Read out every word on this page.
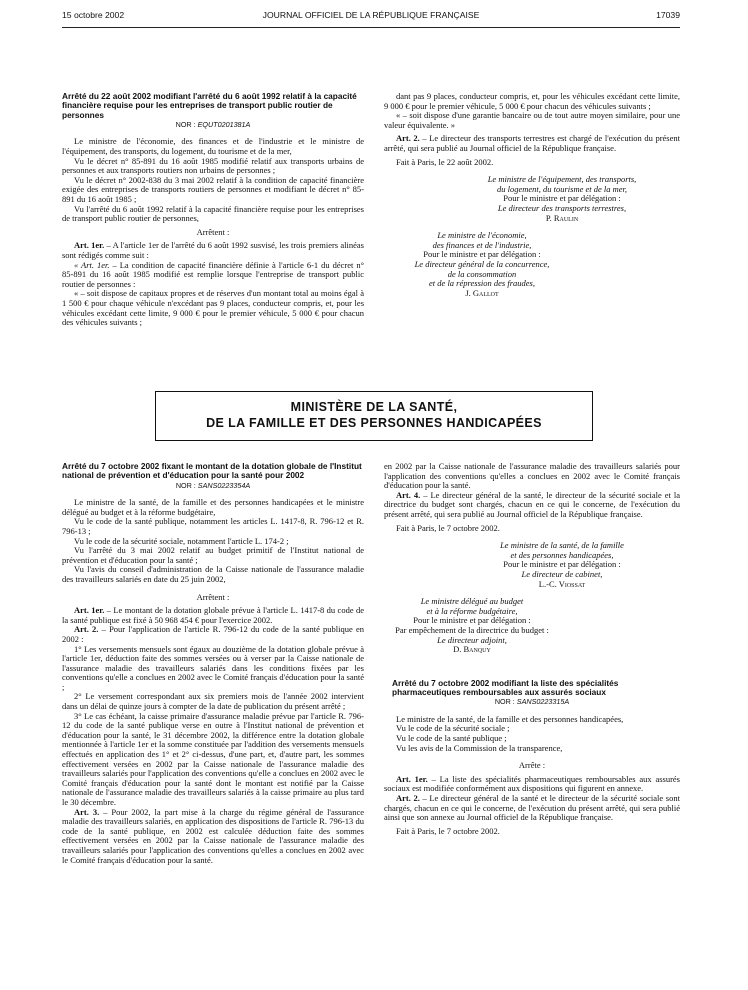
15 octobre 2002	JOURNAL OFFICIEL DE LA RÉPUBLIQUE FRANÇAISE	17039

Arrêté du 22 août 2002 modifiant l'arrêté du 6 août 1992 relatif à la capacité financière requise pour les entreprises de transport public routier de personnes

NOR : EQUT0201381A

Le ministre de l'économie, des finances et de l'industrie et le ministre de l'équipement, des transports, du logement, du tourisme et de la mer,

Vu le décret n° 85-891 du 16 août 1985 modifié relatif aux transports urbains de personnes et aux transports routiers non urbains de personnes ;

Vu le décret n° 2002-838 du 3 mai 2002 relatif à la condition de capacité financière exigée des entreprises de transports routiers de personnes et modifiant le décret n° 85-891 du 16 août 1985 ;

Vu l'arrêté du 6 août 1992 relatif à la capacité financière requise pour les entreprises de transport public routier de personnes,

Arrêtent :

Art. 1er. – A l'article 1er de l'arrêté du 6 août 1992 susvisé, les trois premiers alinéas sont rédigés comme suit :

« Art. 1er. – La condition de capacité financière définie à l'article 6-1 du décret n° 85-891 du 16 août 1985 modifié est remplie lorsque l'entreprise de transport public routier de personnes :

« – soit dispose de capitaux propres et de réserves d'un montant total au moins égal à 1 500 € pour chaque véhicule n'excédant pas 9 places, conducteur compris, et, pour les véhicules excédant cette limite, 9 000 € pour le premier véhicule, 5 000 € pour chacun des véhicules suivants ;

dant pas 9 places, conducteur compris, et, pour les véhicules excédant cette limite, 9 000 € pour le premier véhicule, 5 000 € pour chacun des véhicules suivants ;

« – soit dispose d'une garantie bancaire ou de tout autre moyen similaire, pour une valeur équivalente. »

Art. 2. – Le directeur des transports terrestres est chargé de l'exécution du présent arrêté, qui sera publié au Journal officiel de la République française.

Fait à Paris, le 22 août 2002.

Le ministre de l'équipement, des transports,

du logement, du tourisme et de la mer,

Pour le ministre et par délégation :

Le directeur des transports terrestres,

P. Raulin

Le ministre de l'économie,

des finances et de l'industrie,

Pour le ministre et par délégation :

Le directeur général de la concurrence,

de la consommation

et de la répression des fraudes,

J. Gallot

MINISTÈRE DE LA SANTÉ,
DE LA FAMILLE ET DES PERSONNES HANDICAPÉES

Arrêté du 7 octobre 2002 fixant le montant de la dotation globale de l'Institut national de prévention et d'éducation pour la santé pour 2002

NOR : SANS0223354A

Le ministre de la santé, de la famille et des personnes handicapées et le ministre délégué au budget et à la réforme budgétaire,

Vu le code de la santé publique, notamment les articles L. 1417-8, R. 796-12 et R. 796-13 ;

Vu le code de la sécurité sociale, notamment l'article L. 174-2 ;

Vu l'arrêté du 3 mai 2002 relatif au budget primitif de l'Institut national de prévention et d'éducation pour la santé ;

Vu l'avis du conseil d'administration de la Caisse nationale de l'assurance maladie des travailleurs salariés en date du 25 juin 2002,

Arrêtent :

Art. 1er. – Le montant de la dotation globale prévue à l'article L. 1417-8 du code de la santé publique est fixé à 50 968 454 € pour l'exercice 2002.

Art. 2. – Pour l'application de l'article R. 796-12 du code de la santé publique en 2002 :

1° Les versements mensuels sont égaux au douzième de la dotation globale prévue à l'article 1er, déduction faite des sommes versées ou à verser par la Caisse nationale de l'assurance maladie des travailleurs salariés dans les conditions fixées par les conventions qu'elle a conclues en 2002 avec le Comité français d'éducation pour la santé ;

2° Le versement correspondant aux six premiers mois de l'année 2002 intervient dans un délai de quinze jours à compter de la date de publication du présent arrêté ;

3° Le cas échéant, la caisse primaire d'assurance maladie prévue par l'article R. 796-12 du code de la santé publique verse en outre à l'Institut national de prévention et d'éducation pour la santé, le 31 décembre 2002, la différence entre la dotation globale mentionnée à l'article 1er et la somme constituée par l'addition des versements mensuels effectués en application des 1° et 2° ci-dessus, d'une part, et, d'autre part, les sommes effectivement versées en 2002 par la Caisse nationale de l'assurance maladie des travailleurs salariés pour l'application des conventions qu'elle a conclues en 2002 avec le Comité français d'éducation pour la santé dont le montant est notifié par la Caisse nationale de l'assurance maladie des travailleurs salariés à la caisse primaire au plus tard le 30 décembre.

Art. 3. – Pour 2002, la part mise à la charge du régime général de l'assurance maladie des travailleurs salariés, en application des dispositions de l'article R. 796-13 du code de la santé publique, en 2002 est calculée déduction faite des sommes effectivement versées en 2002 par la Caisse nationale de l'assurance maladie des travailleurs salariés pour l'application des conventions qu'elles a conclues en 2002 avec le Comité français d'éducation pour la santé.

en 2002 par la Caisse nationale de l'assurance maladie des travailleurs salariés pour l'application des conventions qu'elles a conclues en 2002 avec le Comité français d'éducation pour la santé.

Art. 4. – Le directeur général de la santé, le directeur de la sécurité sociale et la directrice du budget sont chargés, chacun en ce qui le concerne, de l'exécution du présent arrêté, qui sera publié au Journal officiel de la République française.

Fait à Paris, le 7 octobre 2002.

Le ministre de la santé, de la famille

et des personnes handicapées,

Pour le ministre et par délégation :

Le directeur de cabinet,

L.-C. Viossat

Le ministre délégué au budget

et à la réforme budgétaire,

Pour le ministre et par délégation :

Par empêchement de la directrice du budget :

Le directeur adjoint,

D. Banquy

Arrêté du 7 octobre 2002 modifiant la liste des spécialités pharmaceutiques remboursables aux assurés sociaux

NOR : SANS0223315A

Le ministre de la santé, de la famille et des personnes handicapées,

Vu le code de la sécurité sociale ;

Vu le code de la santé publique ;

Vu les avis de la Commission de la transparence,

Arrête :

Art. 1er. – La liste des spécialités pharmaceutiques remboursables aux assurés sociaux est modifiée conformément aux dispositions qui figurent en annexe.

Art. 2. – Le directeur général de la santé et le directeur de la sécurité sociale sont chargés, chacun en ce qui le concerne, de l'exécution du présent arrêté, qui sera publié ainsi que son annexe au Journal officiel de la République française.

Fait à Paris, le 7 octobre 2002.
